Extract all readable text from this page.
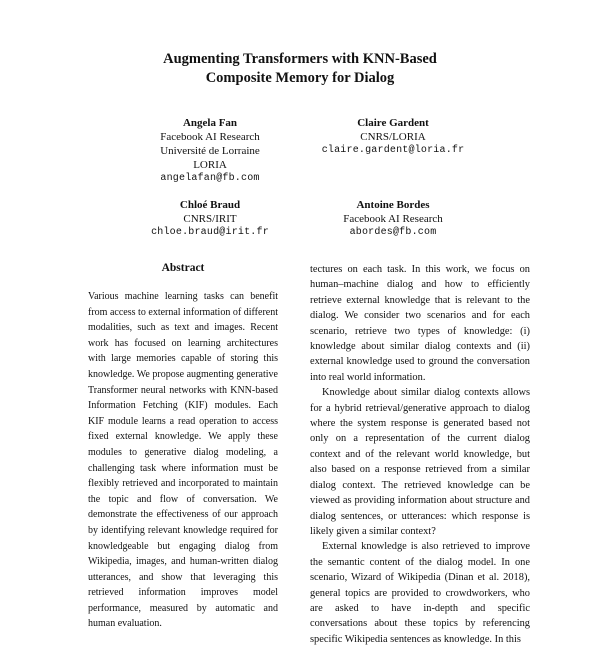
Augmenting Transformers with KNN-Based
Composite Memory for Dialog
Angela Fan
Facebook AI Research
Université de Lorraine
LORIA
angelafan@fb.com
Claire Gardent
CNRS/LORIA
claire.gardent@loria.fr
Chloé Braud
CNRS/IRIT
chloe.braud@irit.fr
Antoine Bordes
Facebook AI Research
abordes@fb.com
Abstract

Various machine learning tasks can benefit from access to external information of different modalities, such as text and images. Recent work has focused on learning architectures with large memories capable of storing this knowledge. We propose augmenting generative Transformer neural networks with KNN-based Information Fetching (KIF) modules. Each KIF module learns a read operation to access fixed external knowledge. We apply these modules to generative dialog modeling, a challenging task where information must be flexibly retrieved and incorporated to maintain the topic and flow of conversation. We demonstrate the effectiveness of our approach by identifying relevant knowledge required for knowledgeable but engaging dialog from Wikipedia, images, and human-written dialog utterances, and show that leveraging this retrieved information improves model performance, measured by automatic and human evaluation.

tectures on each task. In this work, we focus on human–machine dialog and how to efficiently retrieve external knowledge that is relevant to the dialog. We consider two scenarios and for each scenario, retrieve two types of knowledge: (i) knowledge about similar dialog contexts and (ii) external knowledge used to ground the conversation into real world information.

Knowledge about similar dialog contexts allows for a hybrid retrieval/generative approach to dialog where the system response is generated based not only on a representation of the current dialog context and of the relevant world knowledge, but also based on a response retrieved from a similar dialog context. The retrieved knowledge can be viewed as providing information about structure and dialog sentences, or utterances: which response is likely given a similar context?

External knowledge is also retrieved to improve the semantic content of the dialog model. In one scenario, Wizard of Wikipedia (Dinan et al. 2018), general topics are provided to crowdworkers, who are asked to have in-depth and specific conversations about these topics by referencing specific Wikipedia sentences as knowledge. In this
